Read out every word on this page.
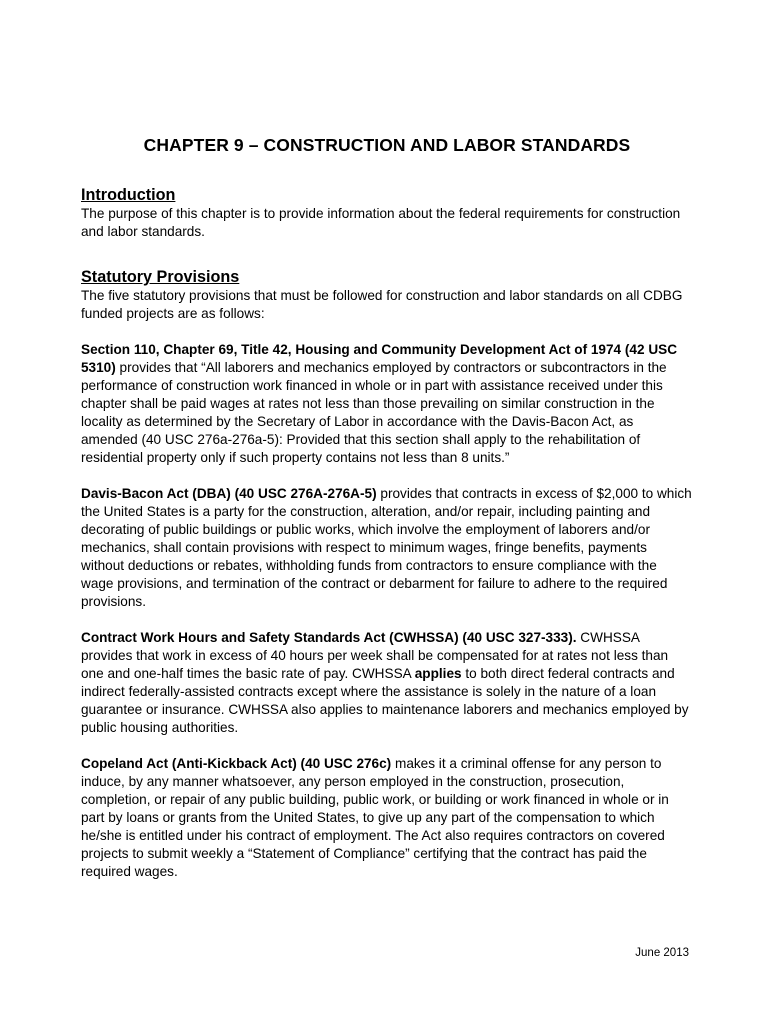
CHAPTER 9 – CONSTRUCTION AND LABOR STANDARDS
Introduction

The purpose of this chapter is to provide information about the federal requirements for construction and labor standards.

Statutory Provisions

The five statutory provisions that must be followed for construction and labor standards on all CDBG funded projects are as follows:

Section 110, Chapter 69, Title 42, Housing and Community Development Act of 1974 (42 USC 5310) provides that “All laborers and mechanics employed by contractors or subcontractors in the performance of construction work financed in whole or in part with assistance received under this chapter shall be paid wages at rates not less than those prevailing on similar construction in the locality as determined by the Secretary of Labor in accordance with the Davis-Bacon Act, as amended (40 USC 276a-276a-5): Provided that this section shall apply to the rehabilitation of residential property only if such property contains not less than 8 units.”

Davis-Bacon Act (DBA) (40 USC 276A-276A-5) provides that contracts in excess of $2,000 to which the United States is a party for the construction, alteration, and/or repair, including painting and decorating of public buildings or public works, which involve the employment of laborers and/or mechanics, shall contain provisions with respect to minimum wages, fringe benefits, payments without deductions or rebates, withholding funds from contractors to ensure compliance with the wage provisions, and termination of the contract or debarment for failure to adhere to the required provisions.

Contract Work Hours and Safety Standards Act (CWHSSA) (40 USC 327-333). CWHSSA provides that work in excess of 40 hours per week shall be compensated for at rates not less than one and one-half times the basic rate of pay. CWHSSA applies to both direct federal contracts and indirect federally-assisted contracts except where the assistance is solely in the nature of a loan guarantee or insurance. CWHSSA also applies to maintenance laborers and mechanics employed by public housing authorities.

Copeland Act (Anti-Kickback Act) (40 USC 276c) makes it a criminal offense for any person to induce, by any manner whatsoever, any person employed in the construction, prosecution, completion, or repair of any public building, public work, or building or work financed in whole or in part by loans or grants from the United States, to give up any part of the compensation to which he/she is entitled under his contract of employment. The Act also requires contractors on covered projects to submit weekly a “Statement of Compliance” certifying that the contract has paid the required wages.

June 2013
